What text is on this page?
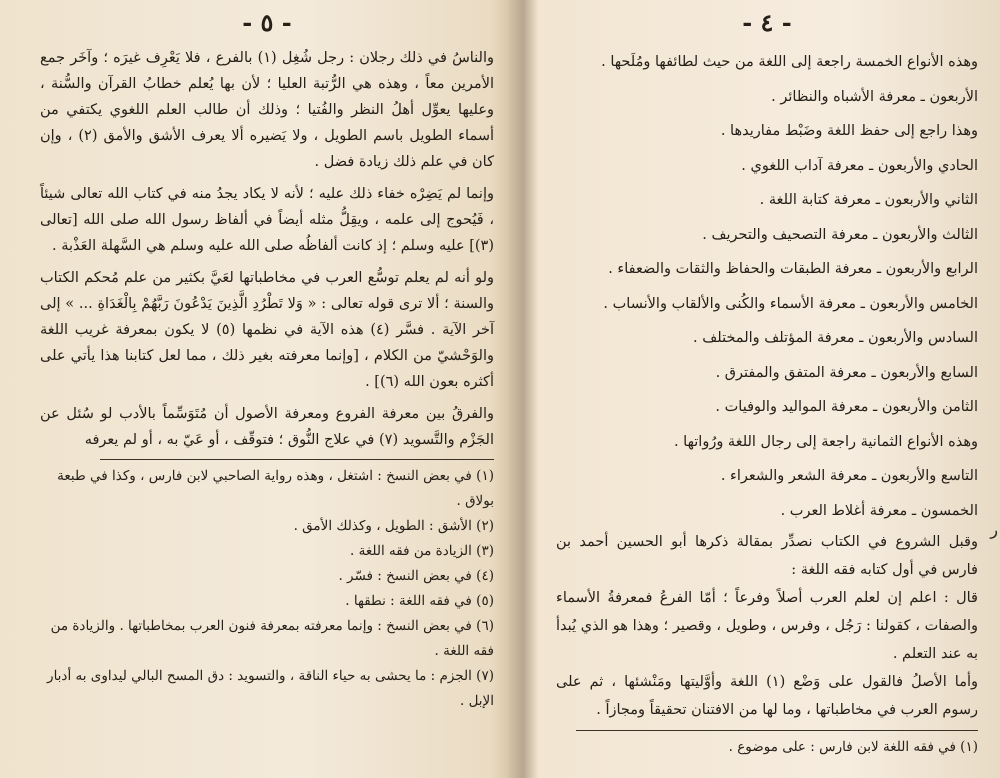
- ٥ -

والناسُ في ذلك رجلان : رجل شُغِل (١) بالفرع ، فلا يَعْرِف غيرَه ؛ وآخَر جمع الأمرين معاً ، وهذه هي الرُّتبة العليا ؛ لأن بها يُعلم خطابُ القرآن والسُّنة ، وعليها يعوِّل أهلُ النظر والفُتيا ؛ وذلك أن طالب العلم اللغوي يكتفي من أسماء الطويل باسم الطويل ، ولا يَضيره ألا يعرف الأشق والأمق (٢) ، وإن كان في علم ذلك زيادة فضل .

وإنما لم يَضِرْه خفاء ذلك عليه ؛ لأنه لا يكاد يجدُ منه في كتاب الله تعالى شيئاً ، فَيُحوج إلى علمه ، ويقِلُّ مثله أيضاً في ألفاظ رسول الله صلى الله [تعالى (٣)] عليه وسلم ؛ إذ كانت ألفاظُه صلى الله عليه وسلم هي السَّهلة العَذْبة .

ولو أنه لم يعلم توسُّع العرب في مخاطباتها لعَيَّ بكثير من علم مُحكم الكتاب والسنة ؛ ألا ترى قوله تعالى : « وَلا تَطْرُدِ الَّذِينَ يَدْعُونَ رَبَّهُمْ بِالْغَدَاةِ ... » إلى آخر الآية . فسَّر (٤) هذه الآية في نظمها (٥) لا يكون بمعرفة غريب اللغة والوَحْشيّ من الكلام ، [وإنما معرفته بغير ذلك ، مما لعل كتابنا هذا يأتي على أكثره بعون الله (٦)] .

والفرقُ بين معرفة الفروع ومعرفة الأصول أن مُتَوَسِّماً بالأدب لو سُئل عن الجَزْم والتَّسويد (٧) في علاج النُّوق ؛ فتوقّف ، أو عَيّ به ، أو لم يعرفه

(١) في بعض النسخ : اشتغل ، وهذه رواية الصاحبي لابن فارس ، وكذا في طبعة بولاق .

(٢) الأشق : الطويل ، وكذلك الأمق .

(٣) الزيادة من فقه اللغة .

(٤) في بعض النسخ : فسّر .

(٥) في فقه اللغة : نطقها .

(٦) في بعض النسخ : وإنما معرفته بمعرفة فنون العرب بمخاطباتها . والزيادة من فقه اللغة .

(٧) الجزم : ما يحشى به حياء الناقة ، والتسويد : دق المسح البالي ليداوى به أدبار الإبل .

- ٤ -

وهذه الأنواع الخمسة راجعة إلى اللغة من حيث لطائفها ومُلَحها .

الأربعون ـ معرفة الأشباه والنظائر .

وهذا راجع إلى حفظ اللغة وضَبْط مفاريدها .

الحادي والأربعون ـ معرفة آداب اللغوي .

الثاني والأربعون ـ معرفة كتابة اللغة .

الثالث والأربعون ـ معرفة التصحيف والتحريف .

الرابع والأربعون ـ معرفة الطبقات والحفاظ والثقات والضعفاء .

الخامس والأربعون ـ معرفة الأسماء والكُنى والألقاب والأنساب .

السادس والأربعون ـ معرفة المؤتلف والمختلف .

السابع والأربعون ـ معرفة المتفق والمفترق .

الثامن والأربعون ـ معرفة المواليد والوفيات .

وهذه الأنواع الثمانية راجعة إلى رجال اللغة ورُواتها .

التاسع والأربعون ـ معرفة الشعر والشعراء .

الخمسون ـ معرفة أغلاط العرب .

وقبل الشروع في الكتاب نصدِّر بمقالة ذكرها أبو الحسين أحمد بن فارس في أول كتابه فقه اللغة :

قال : اعلم إن لعلم العرب أصلاً وفرعاً ؛ أمّا الفرعُ فمعرفةُ الأسماء والصفات ، كقولنا : رَجُل ، وفرس ، وطويل ، وقصير ؛ وهذا هو الذي يُبدأ به عند التعلم .

وأما الأصلُ فالقول على وَضْع (١) اللغة وأوَّليتها ومَنْشئها ، ثم على رسوم العرب في مخاطباتها ، وما لها من الافتنان تحقيقاً ومجازاً .

(١) في فقه اللغة لابن فارس : على موضوع .

ر
